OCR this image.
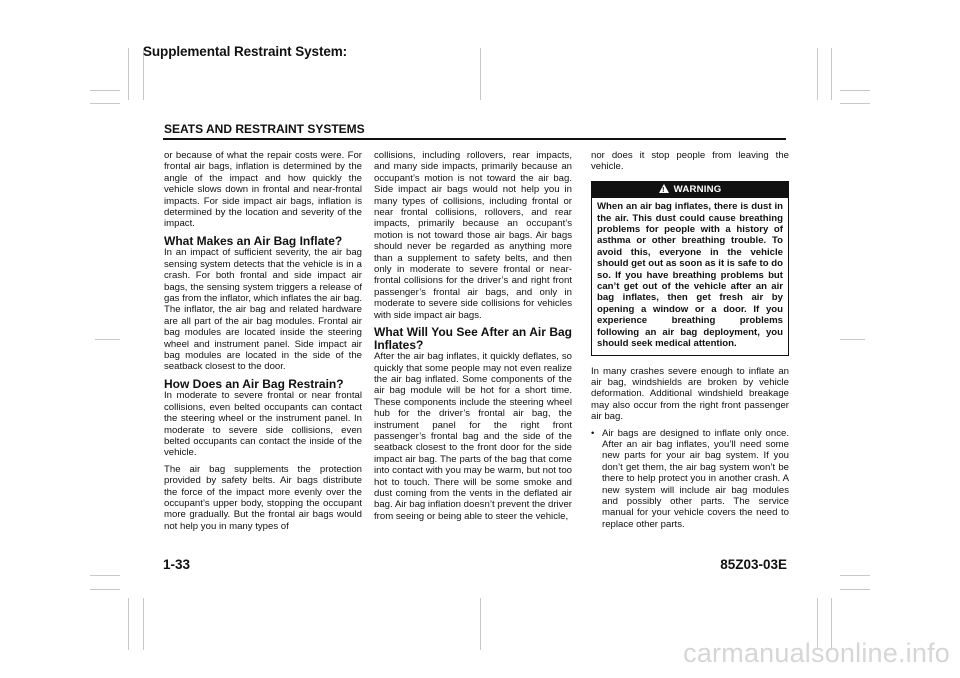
Supplemental Restraint System:
SEATS AND RESTRAINT SYSTEMS

or because of what the repair costs were. For frontal air bags, inflation is determined by the angle of the impact and how quickly the vehicle slows down in frontal and near-frontal impacts. For side impact air bags, inflation is determined by the location and severity of the impact.

What Makes an Air Bag Inflate?

In an impact of sufficient severity, the air bag sensing system detects that the vehicle is in a crash. For both frontal and side impact air bags, the sensing system triggers a release of gas from the inflator, which inflates the air bag. The inflator, the air bag and related hardware are all part of the air bag modules. Frontal air bag modules are located inside the steering wheel and instrument panel. Side impact air bag modules are located in the side of the seatback closest to the door.

How Does an Air Bag Restrain?

In moderate to severe frontal or near frontal collisions, even belted occupants can contact the steering wheel or the instrument panel. In moderate to severe side collisions, even belted occupants can contact the inside of the vehicle.

The air bag supplements the protection provided by safety belts. Air bags distribute the force of the impact more evenly over the occupant’s upper body, stopping the occupant more gradually. But the frontal air bags would not help you in many types of

collisions, including rollovers, rear impacts, and many side impacts, primarily because an occupant’s motion is not toward the air bag. Side impact air bags would not help you in many types of collisions, including frontal or near frontal collisions, rollovers, and rear impacts, primarily because an occupant’s motion is not toward those air bags. Air bags should never be regarded as anything more than a supplement to safety belts, and then only in moderate to severe frontal or near-frontal collisions for the driver’s and right front passenger’s frontal air bags, and only in moderate to severe side collisions for vehicles with side impact air bags.

What Will You See After an Air Bag Inflates?

After the air bag inflates, it quickly deflates, so quickly that some people may not even realize the air bag inflated. Some components of the air bag module will be hot for a short time. These components include the steering wheel hub for the driver’s frontal air bag, the instrument panel for the right front passenger’s frontal bag and the side of the seatback closest to the front door for the side impact air bag. The parts of the bag that come into contact with you may be warm, but not too hot to touch. There will be some smoke and dust coming from the vents in the deflated air bag. Air bag inflation doesn’t prevent the driver from seeing or being able to steer the vehicle,

nor does it stop people from leaving the vehicle.

!WARNING
When an air bag inflates, there is dust in the air. This dust could cause breathing problems for people with a history of asthma or other breathing trouble. To avoid this, everyone in the vehicle should get out as soon as it is safe to do so. If you have breathing problems but can’t get out of the vehicle after an air bag inflates, then get fresh air by opening a window or a door. If you experience breathing problems following an air bag deployment, you should seek medical attention.

In many crashes severe enough to inflate an air bag, windshields are broken by vehicle deformation. Additional windshield breakage may also occur from the right front passenger air bag.

• Air bags are designed to inflate only once. After an air bag inflates, you’ll need some new parts for your air bag system. If you don’t get them, the air bag system won’t be there to help protect you in another crash. A new system will include air bag modules and possibly other parts. The service manual for your vehicle covers the need to replace other parts.
1-33	85Z03-03E
carmanualsonline.info
